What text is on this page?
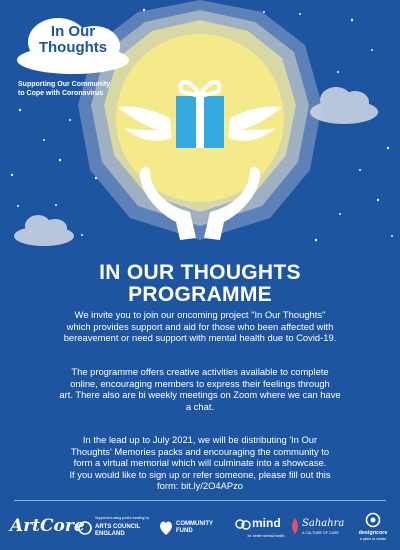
In Our
Thoughts
Supporting Our Community
to Cope with Coronavirus
IN OUR THOUGHTS
PROGRAMME
We invite you to join our oncoming project "In Our Thoughts"
which provides support and aid for those who been affected with
bereavement or need support with mental health due to Covid-19.
The programme offers creative activities available to complete
online, encouraging members to express their feelings through
art. There also are bi weekly meetings on Zoom where we can have
a chat.
In the lead up to July 2021, we will be distributing 'In Our
Thoughts' Memories packs and encouraging the community to
form a virtual memorial which will culminate into a showcase.
If you would like to sign up or refer someone, please fill out this
form: bit.ly/2O4APzo
ArtCore	Supported using public funding by
ARTS COUNCIL
ENGLAND
COMMUNITY
FUND
mind
for better mental health
Sahahra
A CULTURE OF CARE	designcore
a place to create
